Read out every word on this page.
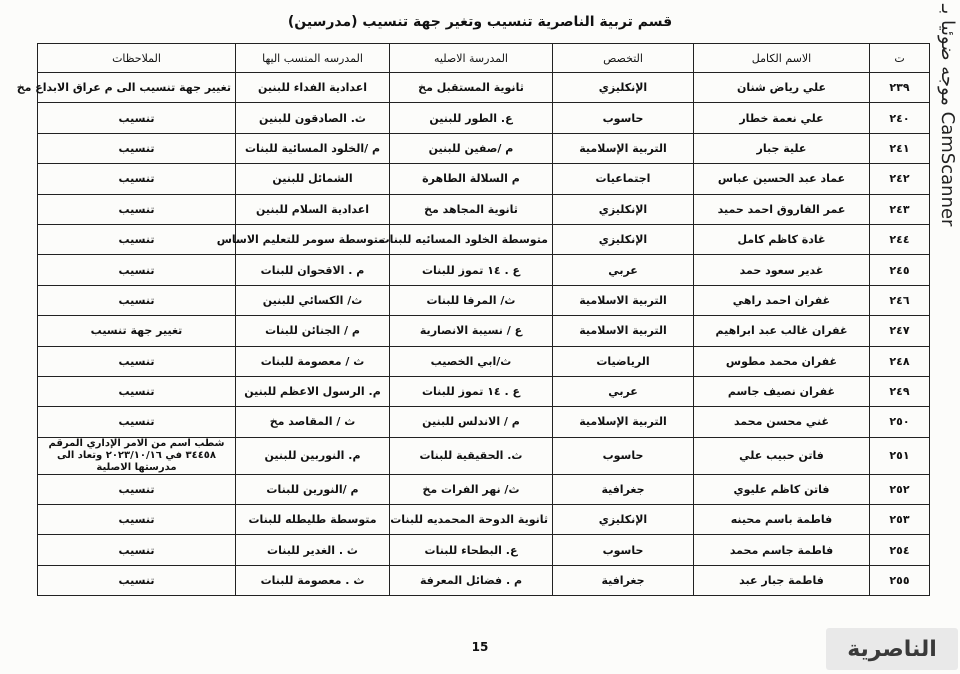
قسم تربية الناصرية تنسيب وتغير جهة تنسيب (مدرسين)	موجه ضوئيا بـ CamScanner
ت	الاسم الكامل	التخصص	المدرسة الاصليه	المدرسه المنسب اليها	الملاحظات
٢٣٩	علي رياض شنان	الإنكليزي	ثانوية المستقبل مخ	اعدادية الفداء للبنين	تغيير جهة تنسيب الى م عراق الابداع مخ
٢٤٠	علي نعمة خطار	حاسوب	ع. الطور للبنين	ث. الصادقون للبنين	تنسيب
٢٤١	علية جبار	التربية الإسلامية	م /صفين للبنين	م /الخلود المسائية للبنات	تنسيب
٢٤٢	عماد عبد الحسين عباس	اجتماعيات	م السلالة الطاهرة	الشمائل للبنين	تنسيب
٢٤٣	عمر الفاروق احمد حميد	الإنكليزي	ثانوية المجاهد مخ	اعدادية السلام للبنين	تنسيب
٢٤٤	غادة كاظم كامل	الإنكليزي	متوسطة الخلود المسائيه للبنات	متوسطة سومر للتعليم الاساس	تنسيب
٢٤٥	غدير سعود حمد	عربي	ع . ١٤ تموز للبنات	م . الاقحوان للبنات	تنسيب
٢٤٦	غفران احمد راهي	التربية الاسلامية	ث/ المرفا للبنات	ث/ الكسائي للبنين	تنسيب
٢٤٧	غفران غالب عبد ابراهيم	التربية الاسلامية	ع / نسيبة الانصارية	م / الجنائن للبنات	تغيير جهة تنسيب
٢٤٨	غفران محمد مطوس	الرياضيات	ث/ابي الخصيب	ث / معصومة للبنات	تنسيب
٢٤٩	غفران نصيف جاسم	عربي	ع . ١٤ تموز للبنات	م. الرسول الاعظم للبنين	تنسيب
٢٥٠	غني محسن محمد	التربية الإسلامية	م / الاندلس للبنين	ث / المقاصد مخ	تنسيب
٢٥١	فاتن حبيب علي	حاسوب	ث. الحقيقية للبنات	م. النوربين للبنين	شطب اسم من الامر الإداري المرقم ٣٤٤٥٨ في ٢٠٢٣/١٠/١٦ وتعاد الى مدرستها الاصلية
٢٥٢	فاتن كاظم عليوي	جغرافية	ث/ نهر الفرات مخ	م /النورين للبنات	تنسيب
٢٥٣	فاطمة باسم محينه	الإنكليزي	ثانوية الدوحة المحمديه للبنات	متوسطة طليطله للبنات	تنسيب
٢٥٤	فاطمة جاسم محمد	حاسوب	ع. البطحاء للبنات	ث . الغدير للبنات	تنسيب
٢٥٥	فاطمة جبار عبد	جغرافية	م . فضائل المعرفة	ث . معصومة للبنات	تنسيب
15	الناصرية
